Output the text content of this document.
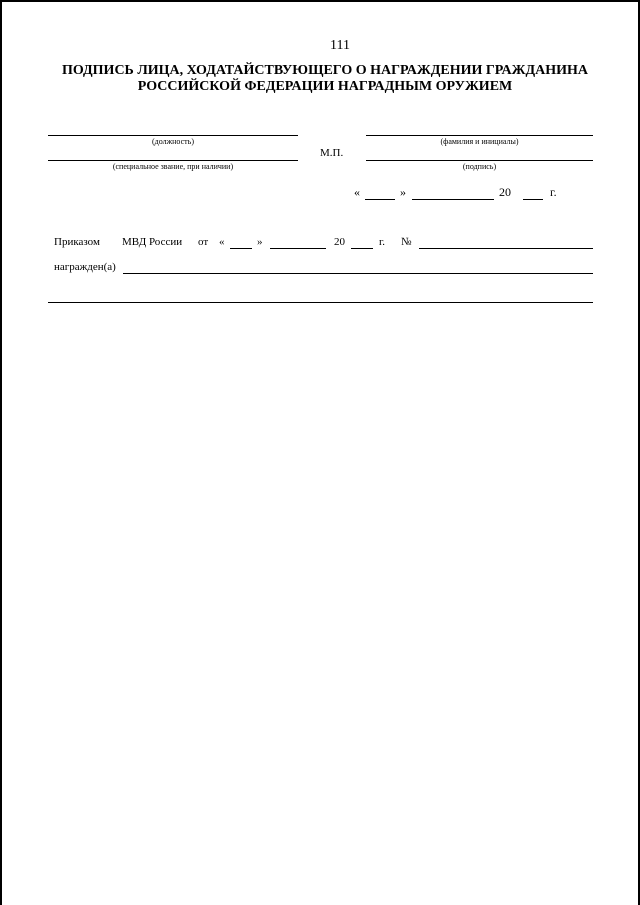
111
ПОДПИСЬ ЛИЦА, ХОДАТАЙСТВУЮЩЕГО О НАГРАЖДЕНИИ ГРАЖДАНИНА
РОССИЙСКОЙ ФЕДЕРАЦИИ НАГРАДНЫМ ОРУЖИЕМ
(должность)
(специальное звание, при наличии)
М.П.
(фамилия и инициалы)
(подпись)
«	»	20	г.
Приказом МВД России от «	»	20	г. №
награжден(а)
